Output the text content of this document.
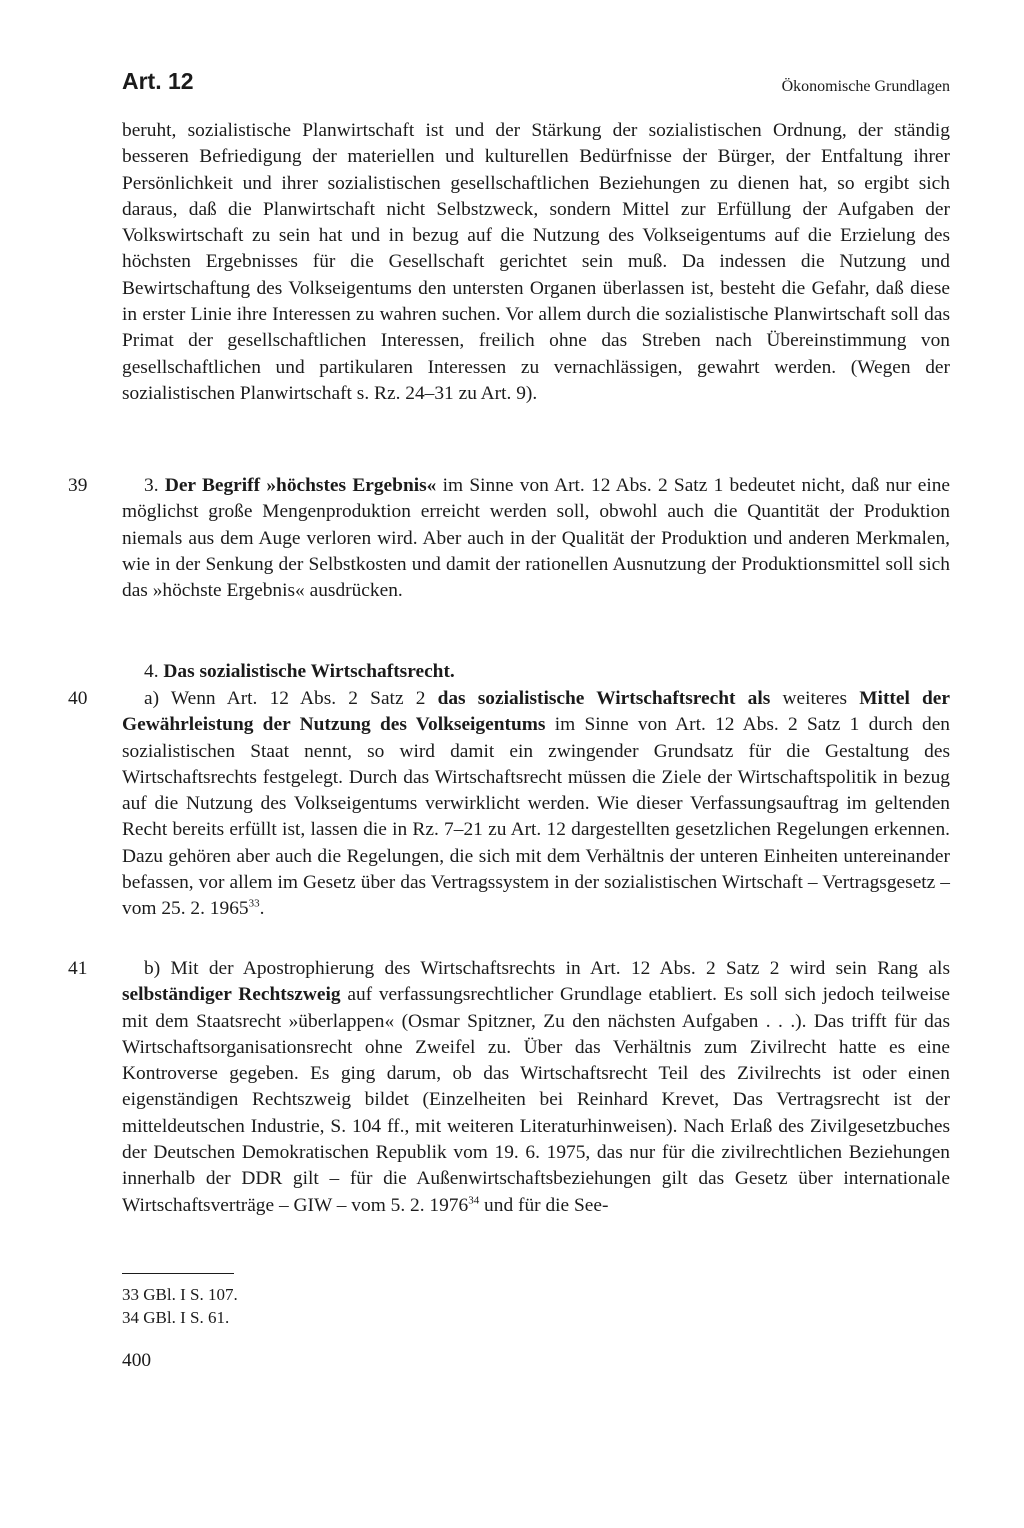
Art. 12	Ökonomische Grundlagen

beruht, sozialistische Planwirtschaft ist und der Stärkung der sozialistischen Ordnung, der ständig besseren Befriedigung der materiellen und kulturellen Bedürfnisse der Bürger, der Entfaltung ihrer Persönlichkeit und ihrer sozialistischen gesellschaftlichen Beziehungen zu dienen hat, so ergibt sich daraus, daß die Planwirtschaft nicht Selbstzweck, sondern Mittel zur Erfüllung der Aufgaben der Volkswirtschaft zu sein hat und in bezug auf die Nutzung des Volkseigentums auf die Erzielung des höchsten Ergebnisses für die Gesellschaft gerichtet sein muß. Da indessen die Nutzung und Bewirtschaftung des Volkseigentums den untersten Organen überlassen ist, besteht die Gefahr, daß diese in erster Linie ihre Interessen zu wahren suchen. Vor allem durch die sozialistische Planwirtschaft soll das Primat der gesellschaftlichen Interessen, freilich ohne das Streben nach Übereinstimmung von gesellschaftlichen und partikularen Interessen zu vernachlässigen, gewahrt werden. (Wegen der sozialistischen Planwirtschaft s. Rz. 24–31 zu Art. 9).

39	3. Der Begriff »höchstes Ergebnis« im Sinne von Art. 12 Abs. 2 Satz 1 bedeutet nicht, daß nur eine möglichst große Mengenproduktion erreicht werden soll, obwohl auch die Quantität der Produktion niemals aus dem Auge verloren wird. Aber auch in der Qualität der Produktion und anderen Merkmalen, wie in der Senkung der Selbstkosten und damit der rationellen Ausnutzung der Produktionsmittel soll sich das »höchste Ergebnis« ausdrücken.

4. Das sozialistische Wirtschaftsrecht.

40	a) Wenn Art. 12 Abs. 2 Satz 2 das sozialistische Wirtschaftsrecht als weiteres Mittel der Gewährleistung der Nutzung des Volkseigentums im Sinne von Art. 12 Abs. 2 Satz 1 durch den sozialistischen Staat nennt, so wird damit ein zwingender Grundsatz für die Gestaltung des Wirtschaftsrechts festgelegt. Durch das Wirtschaftsrecht müssen die Ziele der Wirtschaftspolitik in bezug auf die Nutzung des Volkseigentums verwirklicht werden. Wie dieser Verfassungsauftrag im geltenden Recht bereits erfüllt ist, lassen die in Rz. 7–21 zu Art. 12 dargestellten gesetzlichen Regelungen erkennen. Dazu gehören aber auch die Regelungen, die sich mit dem Verhältnis der unteren Einheiten untereinander befassen, vor allem im Gesetz über das Vertragssystem in der sozialistischen Wirtschaft – Vertragsgesetz – vom 25. 2. 1965$^{33}$.

41	b) Mit der Apostrophierung des Wirtschaftsrechts in Art. 12 Abs. 2 Satz 2 wird sein Rang als selbständiger Rechtszweig auf verfassungsrechtlicher Grundlage etabliert. Es soll sich jedoch teilweise mit dem Staatsrecht »überlappen« (Osmar Spitzner, Zu den nächsten Aufgaben . . .). Das trifft für das Wirtschaftsorganisationsrecht ohne Zweifel zu. Über das Verhältnis zum Zivilrecht hatte es eine Kontroverse gegeben. Es ging darum, ob das Wirtschaftsrecht Teil des Zivilrechts ist oder einen eigenständigen Rechtszweig bildet (Einzelheiten bei Reinhard Krevet, Das Vertragsrecht ist der mitteldeutschen Industrie, S. 104 ff., mit weiteren Literaturhinweisen). Nach Erlaß des Zivilgesetzbuches der Deutschen Demokratischen Republik vom 19. 6. 1975, das nur für die zivilrechtlichen Beziehungen innerhalb der DDR gilt – für die Außenwirtschaftsbeziehungen gilt das Gesetz über internationale Wirtschaftsverträge – GIW – vom 5. 2. 1976$^{34}$ und für die See-

33 GBl. I S. 107.
34 GBl. I S. 61.
400
